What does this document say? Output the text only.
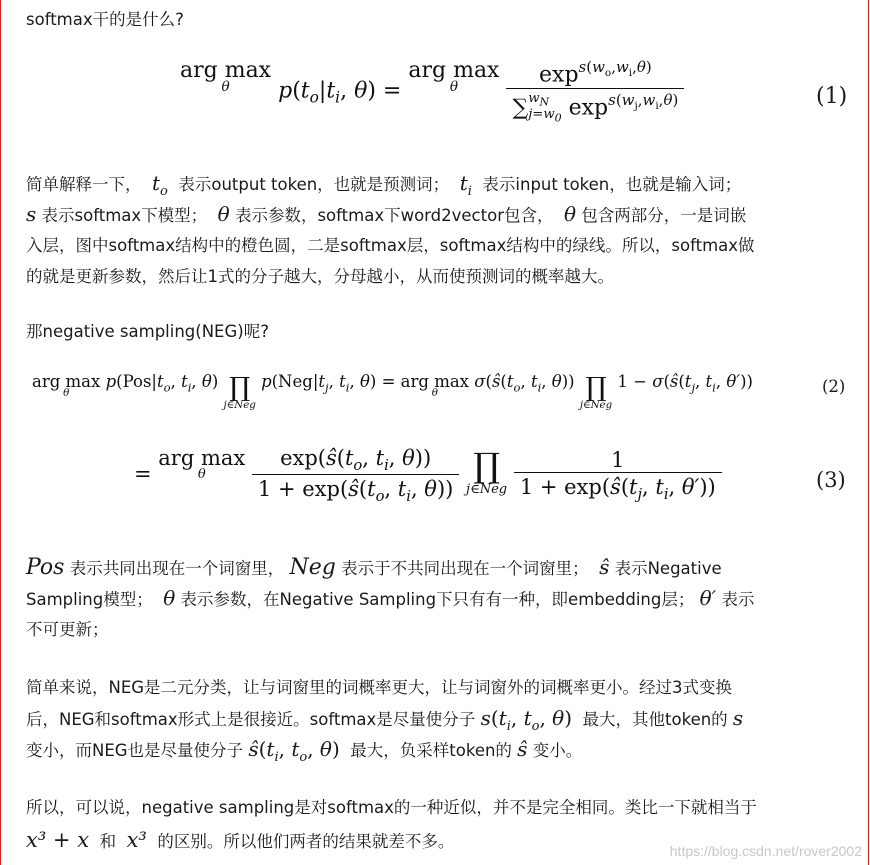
softmax干的是什么?
arg max
θ	$p(t_o|t_i$, θ) = arg max
θ
	$\exp^{s(w_o,w_i,\theta)}$
∑ $w_N$
$j=w_0$ $\exp^{s(w_j,w_i,\theta)}$	(1)
简单解释一下， $t_o$ 表示output token，也就是预测词； $t_i$ 表示input token，也就是输入词；
s 表示softmax下模型； θ 表示参数，softmax下word2vector包含， θ 包含两部分，一是词嵌
入层，图中softmax结构中的橙色圆，二是softmax层，softmax结构中的绿线。所以，softmax做
的就是更新参数，然后让1式的分子越大，分母越小，从而使预测词的概率越大。
那negative sampling(NEG)呢?
arg max
θ
$p(Pos|t_o$, $t_i$, θ) ∏
j∈Neg
$p(Neg|t_j$, $t_i$, θ) = arg max
θ
$\sigma(ŝ(t_o$, $t_i$, θ)) ∏
j∈Neg
$1 - \sigma(ŝ(t_j$, $t_i$, θ′))	(2)
= arg max
θ
	$\frac{\exp(ŝ(t_o, t_i, \theta))}{1 + \exp(ŝ(t_o, t_i, \theta))}$ ∏
j∈Neg
$\frac{1}{1 + \exp(ŝ(t_j, t_i, \theta'))}$	(3)
Pos 表示共同出现在一个词窗里， Neg 表示于不共同出现在一个词窗里； ŝ 表示Negative
Sampling模型； θ 表示参数，在Negative Sampling下只有有一种，即embedding层； θ′ 表示
不可更新；
简单来说，NEG是二元分类，让与词窗里的词概率更大，让与词窗外的词概率更小。经过3式变换
后，NEG和softmax形式上是很接近。softmax是尽量使分子 $s(t_i$, $t_o$, θ) 最大，其他token的 s
变小，而NEG也是尽量使分子 $ŝ(t_i$, $t_o$, θ) 最大，负采样token的 ŝ 变小。
所以，可以说，negative sampling是对softmax的一种近似，并不是完全相同。类比一下就相当于
x³ + x 和 x³ 的区别。所以他们两者的结果就差不多。	https://blog.csdn.net/rover2002
